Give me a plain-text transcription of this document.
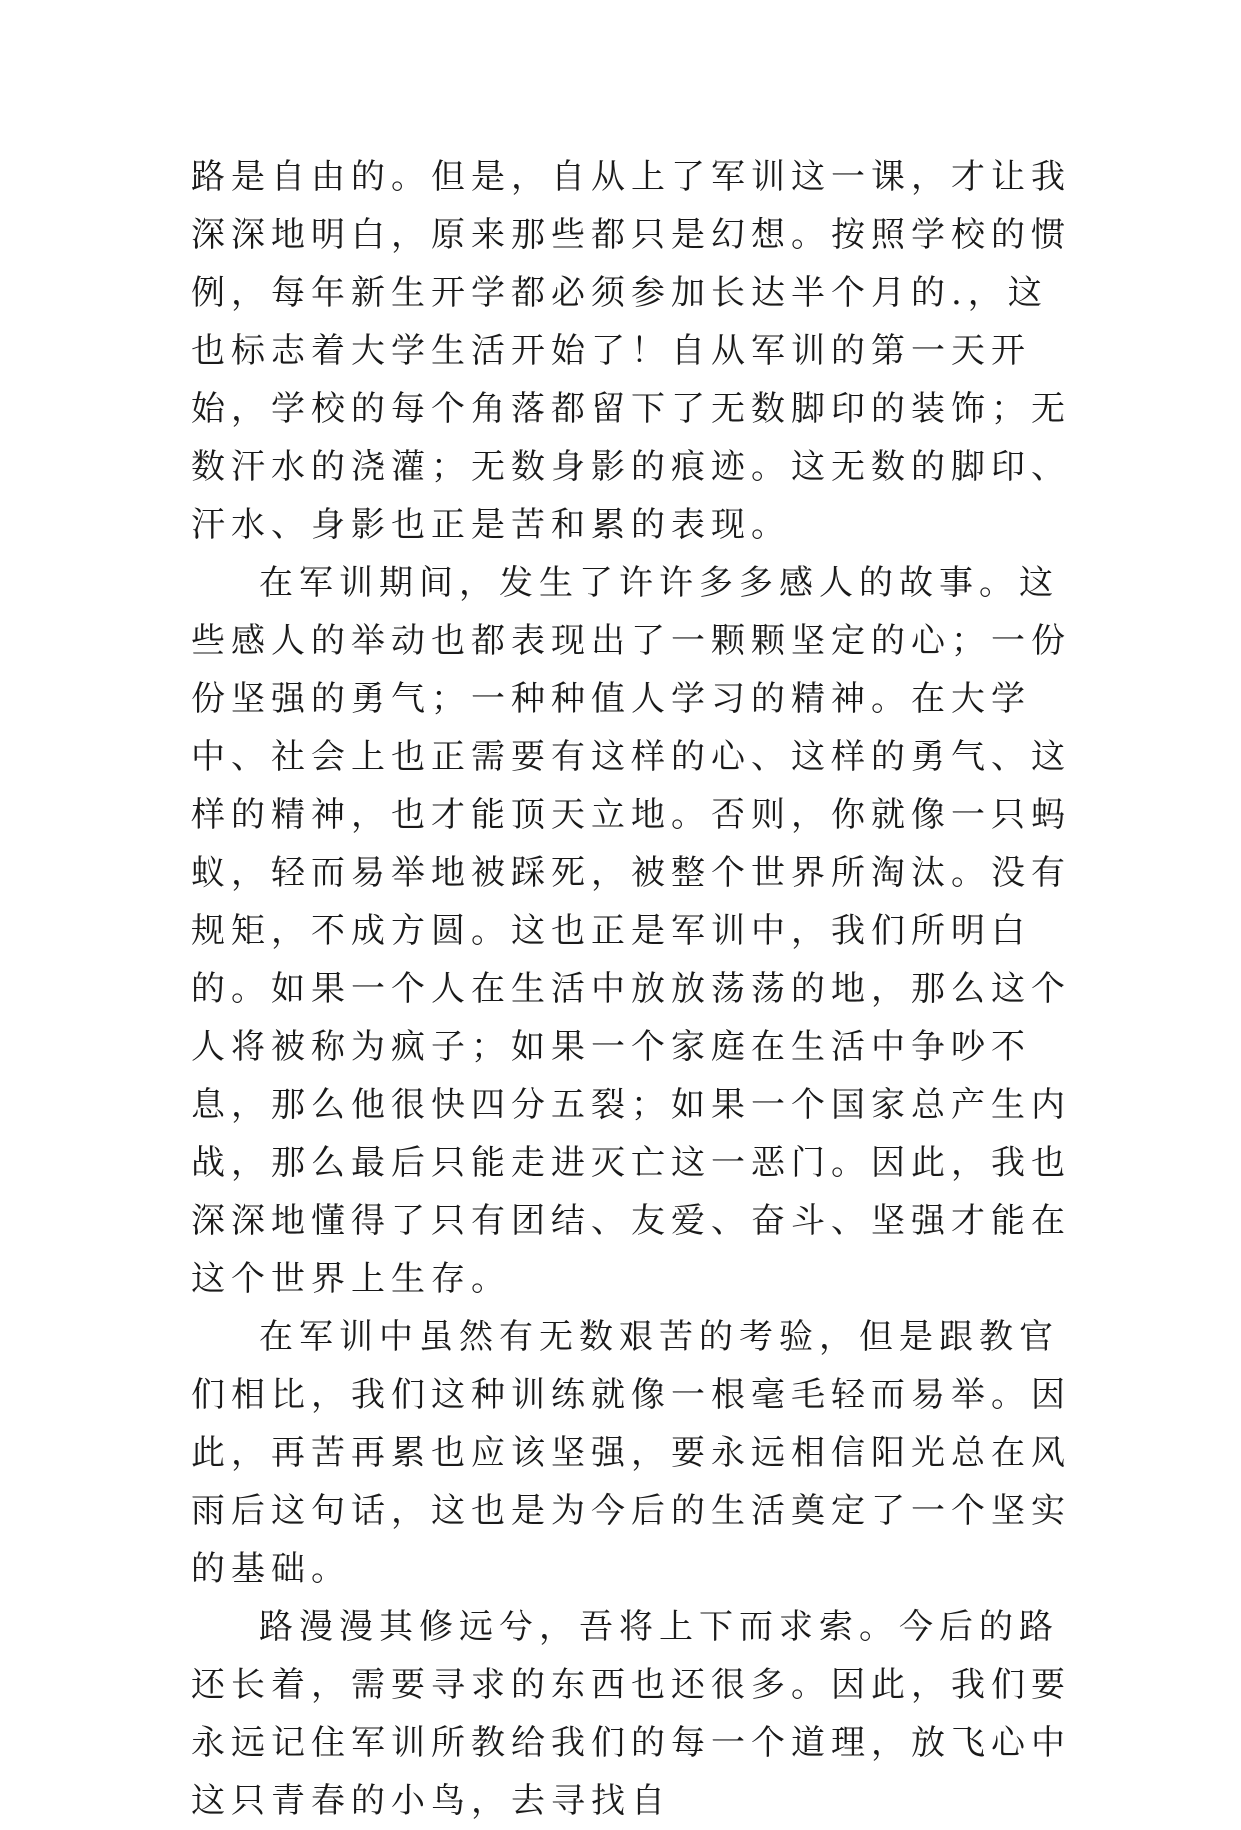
路是自由的。但是，自从上了军训这一课，才让我深深地明白，原来那些都只是幻想。按照学校的惯例，每年新生开学都必须参加长达半个月的.，这也标志着大学生活开始了！自从军训的第一天开始，学校的每个角落都留下了无数脚印的装饰；无数汗水的浇灌；无数身影的痕迹。这无数的脚印、汗水、身影也正是苦和累的表现。

在军训期间，发生了许许多多感人的故事。这些感人的举动也都表现出了一颗颗坚定的心；一份份坚强的勇气；一种种值人学习的精神。在大学中、社会上也正需要有这样的心、这样的勇气、这样的精神，也才能顶天立地。否则，你就像一只蚂蚁，轻而易举地被踩死，被整个世界所淘汰。没有规矩，不成方圆。这也正是军训中，我们所明白的。如果一个人在生活中放放荡荡的地，那么这个人将被称为疯子；如果一个家庭在生活中争吵不息，那么他很快四分五裂；如果一个国家总产生内战，那么最后只能走进灭亡这一恶门。因此，我也深深地懂得了只有团结、友爱、奋斗、坚强才能在这个世界上生存。

在军训中虽然有无数艰苦的考验，但是跟教官们相比，我们这种训练就像一根毫毛轻而易举。因此，再苦再累也应该坚强，要永远相信阳光总在风雨后这句话，这也是为今后的生活奠定了一个坚实的基础。

路漫漫其修远兮，吾将上下而求索。今后的路还长着，需要寻求的东西也还很多。因此，我们要永远记住军训所教给我们的每一个道理，放飞心中这只青春的小鸟，去寻找自
